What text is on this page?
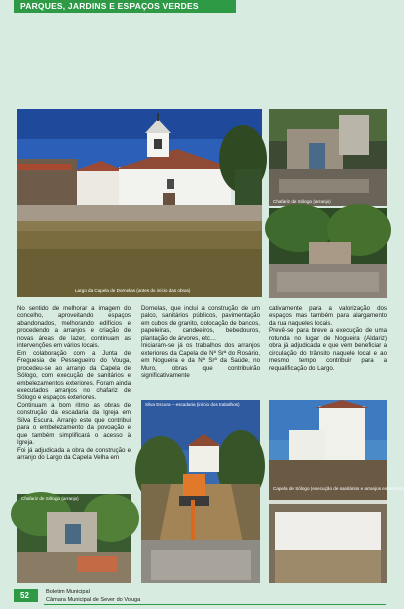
PARQUES, JARDINS E ESPAÇOS VERDES
Largo da Capela de Dornelas (antes do início das obras)
Chafariz de Sólogo (arranjo)

No sentido de melhorar a imagem do concelho, aproveitando espaços abandonados, melhorando edifícios e procedendo a arranjos e criação de novas áreas de lazer, continuam as intervenções em vários locais.

Em colaboração com a Junta de Freguesia de Pessegueiro do Vouga, procedeu-se ao arranjo da Capela de Sólogo, com execução de sanitários e embelezamentos exteriores. Foram ainda executados arranjos no chafariz de Sólogo e espaços exteriores.

Continuam a bom ritmo as obras de construção da escadaria da Igreja em Silva Escura. Arranjo este que contribui para o embelezamento da povoação e que também simplificará o acesso à Igreja.

Foi já adjudicada a obra de construção e arranjo do Largo da Capela Velha em

Dornelas, que inclui a construção de um palco, sanitários públicos, pavimentação em cubos de granito, colocação de bancos, papeleiras, candeeiros, bebedouros, plantação de árvores, etc…

Iniciaram-se já os trabalhos dos arranjos exteriores da Capela de Nª Srª do Rosário, em Nogueira e da Nª Srª da Saúde, no Muro, obras que contribuirão significativamente

cativamente para a valorização dos espaços mas também para alargamento da rua naqueles locais.

Prevê-se para breve a execução de uma rotunda no lugar de Nogueira (Aldariz) obra já adjudicada e que vem beneficiar a circulação do trânsito naquele local e ao mesmo tempo contribuir para a requalificação do Largo.

Silva Escura – escadaria (início dos trabalhos)
Capela de Sólogo (execução de sanitários e arranjos exteriores)
Chafariz de Sólogo (arranjo)
52	Boletim Municipal
Câmara Municipal de Sever do Vouga
